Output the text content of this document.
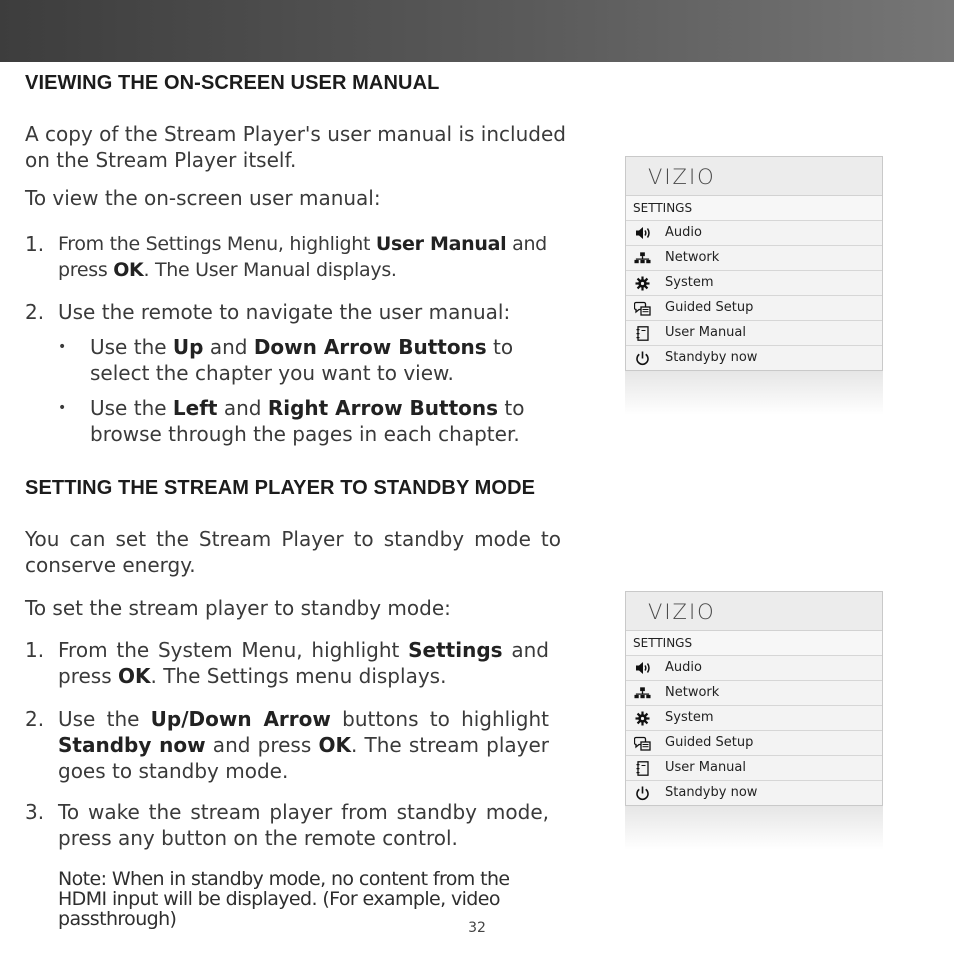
VIEWING THE ON-SCREEN USER MANUAL

A copy of the Stream Player's user manual is included on the Stream Player itself.

To view the on-screen user manual:

1. From the Settings Menu, highlight User Manual and press OK. The User Manual displays.
2. Use the remote to navigate the user manual:
• Use the Up and Down Arrow Buttons to select the chapter you want to view.
• Use the Left and Right Arrow Buttons to browse through the pages in each chapter.
SETTING THE STREAM PLAYER TO STANDBY MODE

You can set the Stream Player to standby mode to conserve energy.

To set the stream player to standby mode:

1. From the System Menu, highlight Settings and press OK. The Settings menu displays.
2. Use the Up/Down Arrow buttons to highlight Standby now and press OK. The stream player goes to standby mode.
3. To wake the stream player from standby mode, press any button on the remote control.

Note: When in standby mode, no content from the HDMI input will be displayed. (For example, video passthrough)	32
VIZIO
SETTINGS
Audio
Network
System
Guided Setup
User Manual
Standyby now
VIZIO
SETTINGS
Audio
Network
System
Guided Setup
User Manual
Standyby now
